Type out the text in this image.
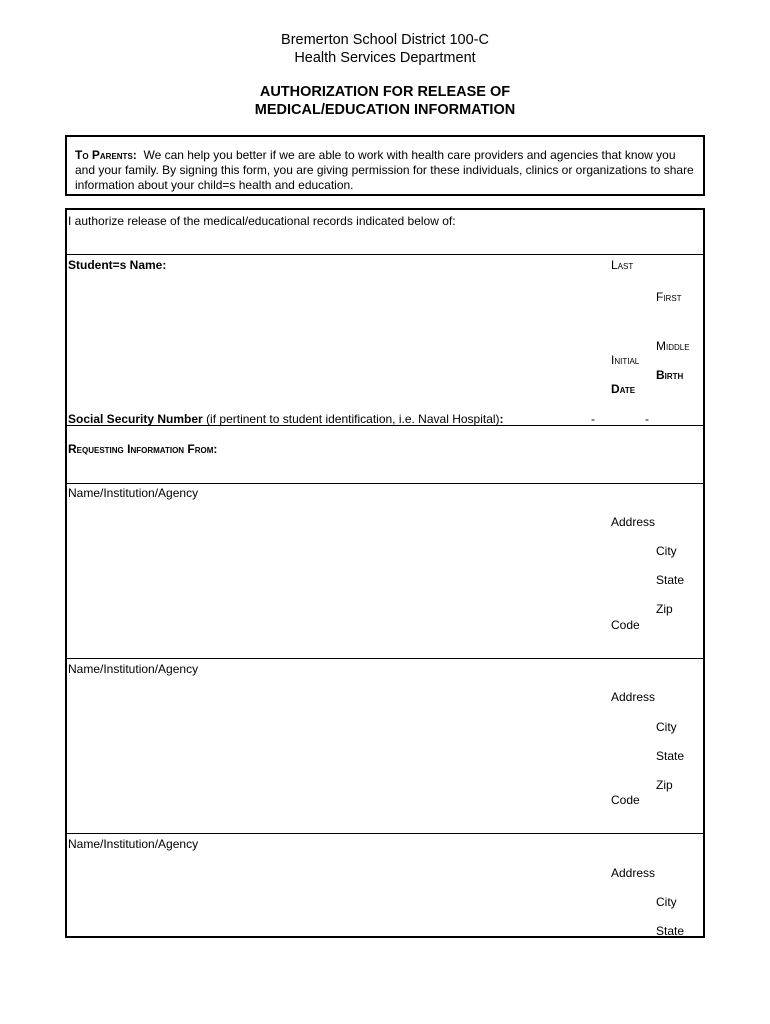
Bremerton School District 100-C
Health Services Department
AUTHORIZATION FOR RELEASE OF
MEDICAL/EDUCATION INFORMATION
To Parents: We can help you better if we are able to work with health care providers and agencies that know you and your family. By signing this form, you are giving permission for these individuals, clinics or organizations to share information about your child=s health and education.
I authorize release of the medical/educational records indicated below of:
Student=s Name:	Last
First
Middle
Initial
Birth
Date
Social Security Number (if pertinent to student identification, i.e. Naval Hospital):	-	-
Requesting Information From:
Name/Institution/Agency
Address
City
State
Zip
Code
Name/Institution/Agency
Address
City
State
Zip
Code
Name/Institution/Agency
Address
City
State
